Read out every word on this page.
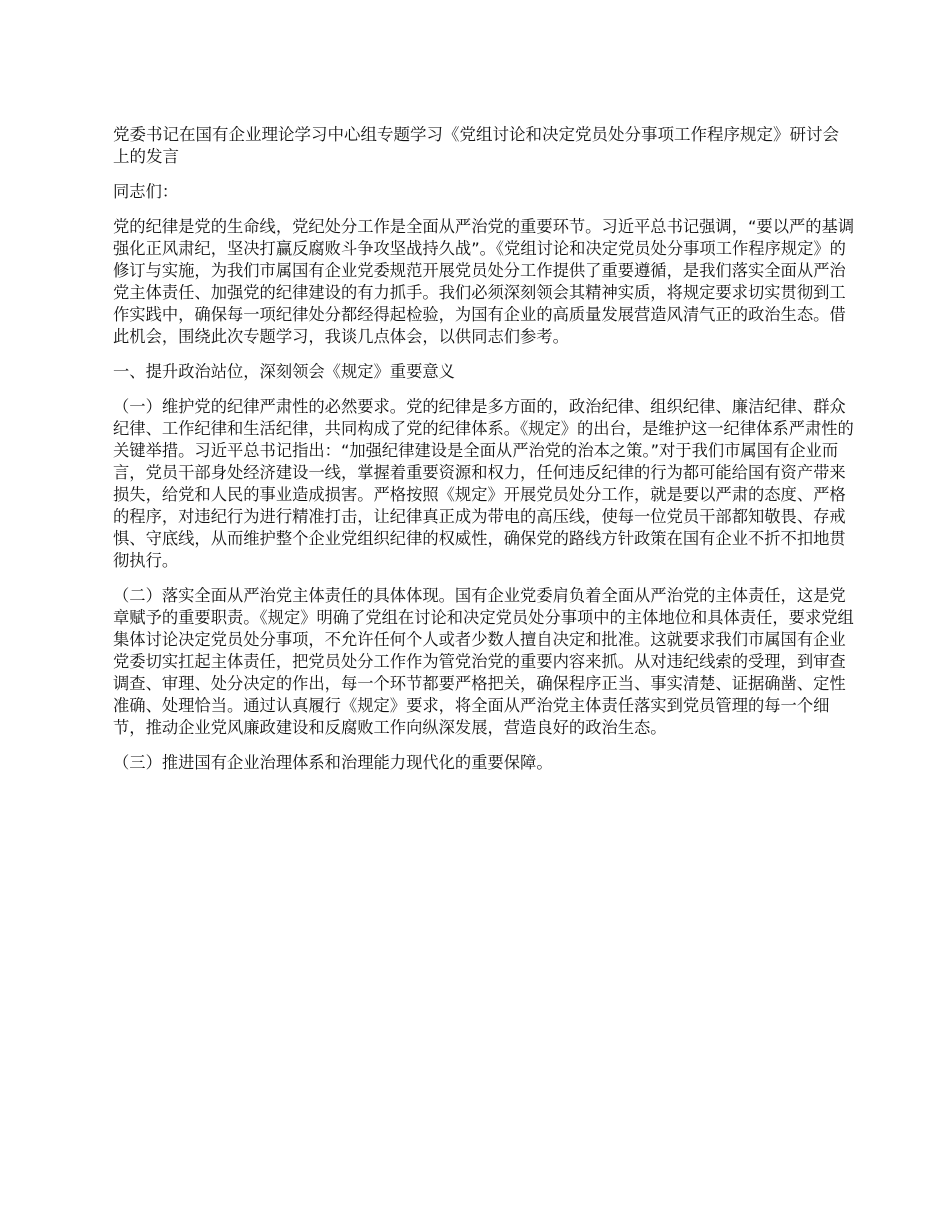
党委书记在国有企业理论学习中心组专题学习《党组讨论和决定党员处分事项工作程序规定》研讨会上的发言

同志们：

党的纪律是党的生命线，党纪处分工作是全面从严治党的重要环节。习近平总书记强调，“要以严的基调强化正风肃纪，坚决打赢反腐败斗争攻坚战持久战”。《党组讨论和决定党员处分事项工作程序规定》的修订与实施，为我们市属国有企业党委规范开展党员处分工作提供了重要遵循，是我们落实全面从严治党主体责任、加强党的纪律建设的有力抓手。我们必须深刻领会其精神实质，将规定要求切实贯彻到工作实践中，确保每一项纪律处分都经得起检验，为国有企业的高质量发展营造风清气正的政治生态。借此机会，围绕此次专题学习，我谈几点体会，以供同志们参考。

一、提升政治站位，深刻领会《规定》重要意义

（一）维护党的纪律严肃性的必然要求。党的纪律是多方面的，政治纪律、组织纪律、廉洁纪律、群众纪律、工作纪律和生活纪律，共同构成了党的纪律体系。《规定》的出台，是维护这一纪律体系严肃性的关键举措。习近平总书记指出：“加强纪律建设是全面从严治党的治本之策。”对于我们市属国有企业而言，党员干部身处经济建设一线，掌握着重要资源和权力，任何违反纪律的行为都可能给国有资产带来损失，给党和人民的事业造成损害。严格按照《规定》开展党员处分工作，就是要以严肃的态度、严格的程序，对违纪行为进行精准打击，让纪律真正成为带电的高压线，使每一位党员干部都知敬畏、存戒惧、守底线，从而维护整个企业党组织纪律的权威性，确保党的路线方针政策在国有企业不折不扣地贯彻执行。

（二）落实全面从严治党主体责任的具体体现。国有企业党委肩负着全面从严治党的主体责任，这是党章赋予的重要职责。《规定》明确了党组在讨论和决定党员处分事项中的主体地位和具体责任，要求党组集体讨论决定党员处分事项，不允许任何个人或者少数人擅自决定和批准。这就要求我们市属国有企业党委切实扛起主体责任，把党员处分工作作为管党治党的重要内容来抓。从对违纪线索的受理，到审查调查、审理、处分决定的作出，每一个环节都要严格把关，确保程序正当、事实清楚、证据确凿、定性准确、处理恰当。通过认真履行《规定》要求，将全面从严治党主体责任落实到党员管理的每一个细节，推动企业党风廉政建设和反腐败工作向纵深发展，营造良好的政治生态。

（三）推进国有企业治理体系和治理能力现代化的重要保障。
